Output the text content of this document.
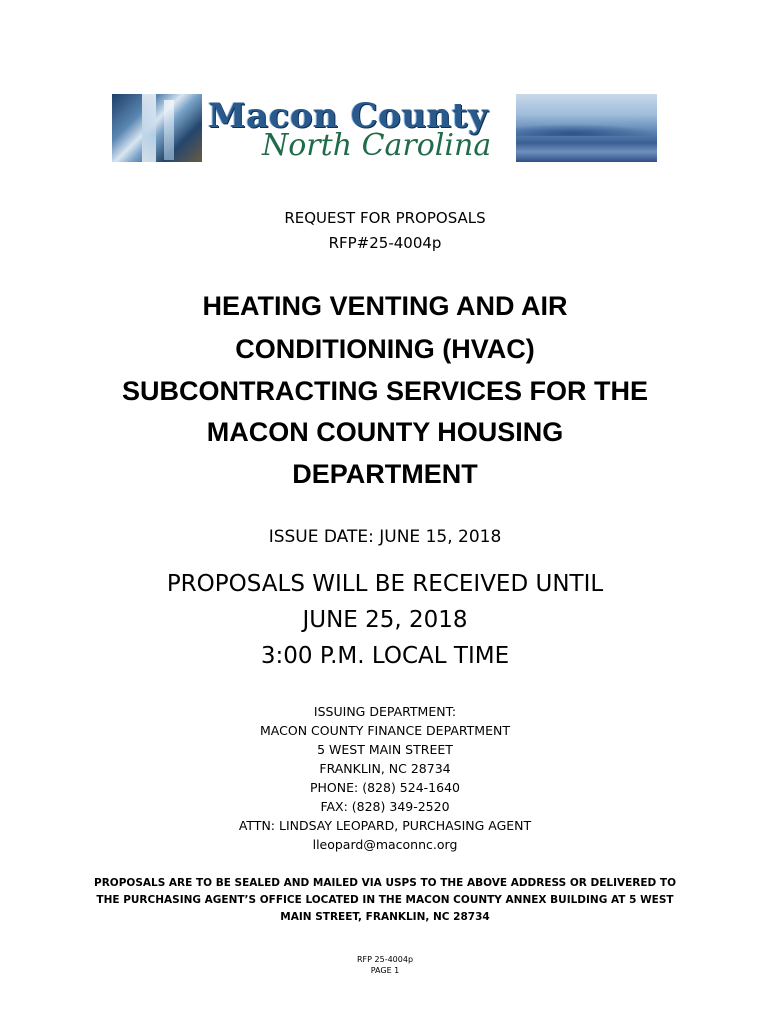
Macon County
North Carolina
REQUEST FOR PROPOSALS
RFP#25-4004p
HEATING VENTING AND AIR
CONDITIONING (HVAC)
SUBCONTRACTING SERVICES FOR THE
MACON COUNTY HOUSING
DEPARTMENT
ISSUE DATE: JUNE 15, 2018
PROPOSALS WILL BE RECEIVED UNTIL
JUNE 25, 2018
3:00 P.M. LOCAL TIME
ISSUING DEPARTMENT:
MACON COUNTY FINANCE DEPARTMENT
5 WEST MAIN STREET
FRANKLIN, NC 28734
PHONE: (828) 524-1640
FAX: (828) 349-2520
ATTN: LINDSAY LEOPARD, PURCHASING AGENT
lleopard@maconnc.org
PROPOSALS ARE TO BE SEALED AND MAILED VIA USPS TO THE ABOVE ADDRESS OR DELIVERED TO
THE PURCHASING AGENT’S OFFICE LOCATED IN THE MACON COUNTY ANNEX BUILDING AT 5 WEST
MAIN STREET, FRANKLIN, NC 28734
RFP 25-4004p
PAGE 1
